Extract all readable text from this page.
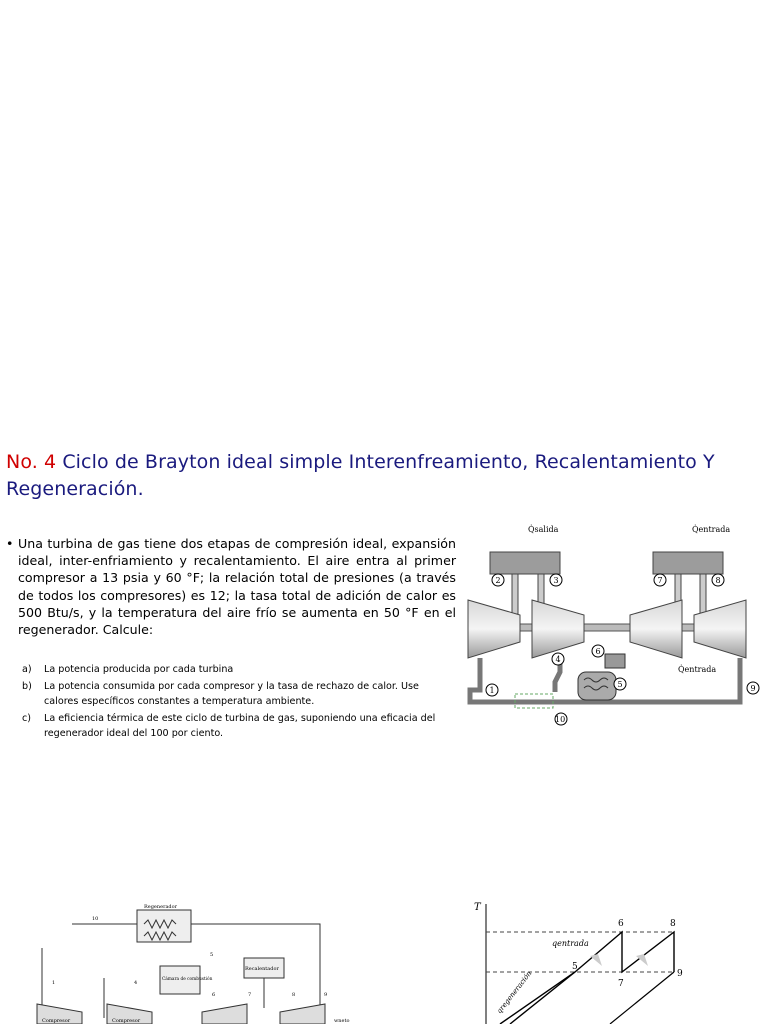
No. 4 Ciclo de Brayton ideal simple Interenfreamiento, Recalentamiento Y Regeneración.
• Una turbina de gas tiene dos etapas de compresión ideal, expansión ideal, inter-enfriamiento y recalentamiento. El aire entra al primer compresor a 13 psia y 60 °F; la relación total de presiones (a través de todos los compresores) es 12; la tasa total de adición de calor es 500 Btu/s, y la temperatura del aire frío se aumenta en 50 °F en el regenerador. Calcule:
a) La potencia producida por cada turbina
b) La potencia consumida por cada compresor y la tasa de rechazo de calor. Use calores específicos constantes a temperatura ambiente.
c) La eficiencia térmica de este ciclo de turbina de gas, suponiendo una eficacia del regenerador ideal del 100 por ciento.
Q̇salida	Q̇entrada
Q̇entrada
2	3	7	8
1
4
5
6
9
10
Regenerador
Cámara de combustión
Recalentador
Compresor	Compresor	wneto
10
1	4
5
6	7	8	9
T
5
6
7
8
9
qentrada
qregeneración
